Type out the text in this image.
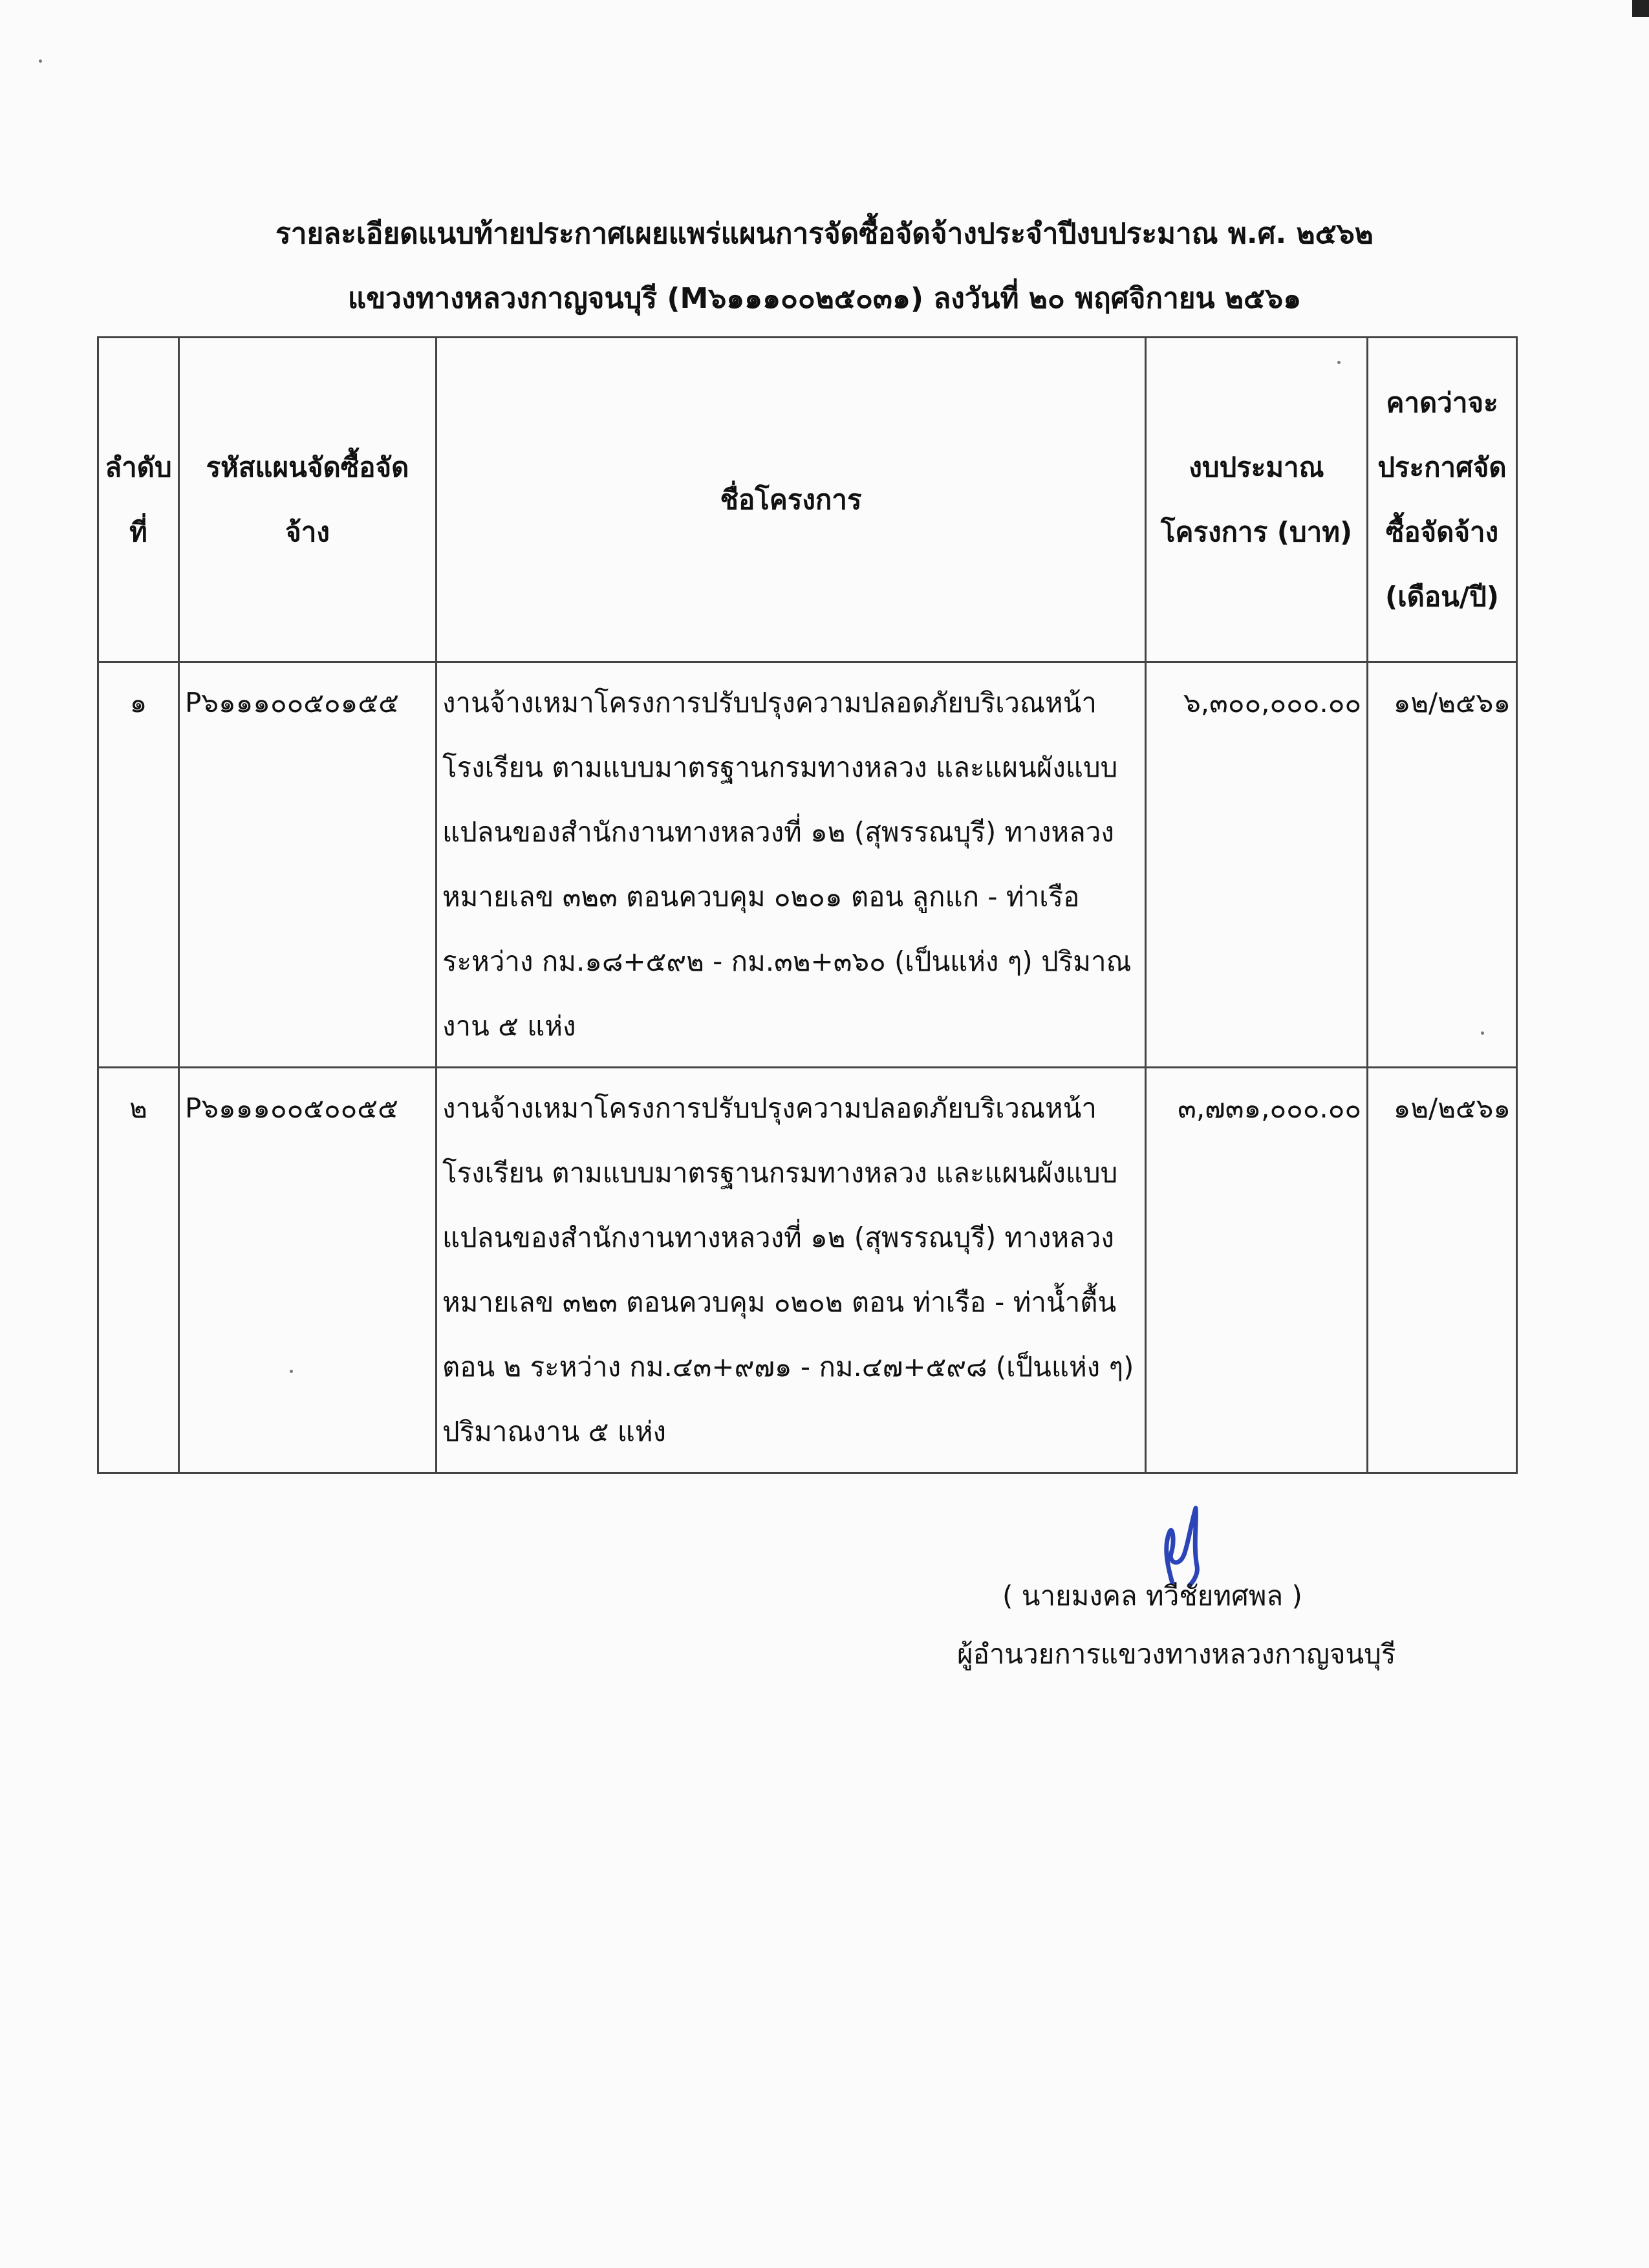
รายละเอียดแนบท้ายประกาศเผยแพร่แผนการจัดซื้อจัดจ้างประจำปีงบประมาณ พ.ศ. ๒๕๖๒
แขวงทางหลวงกาญจนบุรี (M๖๑๑๑๐๐๒๕๐๓๑) ลงวันที่ ๒๐ พฤศจิกายน ๒๕๖๑
ลำดับที่	รหัสแผนจัดซื้อจัดจ้าง	ชื่อโครงการ	งบประมาณโครงการ (บาท)	คาดว่าจะประกาศจัดซื้อจัดจ้าง (เดือน/ปี)
๑	P๖๑๑๑๐๐๕๐๑๕๕	งานจ้างเหมาโครงการปรับปรุงความปลอดภัยบริเวณหน้าโรงเรียน ตามแบบมาตรฐานกรมทางหลวง และแผนผังแบบแปลนของสำนักงานทางหลวงที่ ๑๒ (สุพรรณบุรี) ทางหลวงหมายเลข ๓๒๓ ตอนควบคุม ๐๒๐๑ ตอน ลูกแก - ท่าเรือ ระหว่าง กม.๑๘+๕๙๒ - กม.๓๒+๓๖๐ (เป็นแห่ง ๆ) ปริมาณงาน ๕ แห่ง	๖,๓๐๐,๐๐๐.๐๐	๑๒/๒๕๖๑
๒	P๖๑๑๑๐๐๕๐๐๕๕	งานจ้างเหมาโครงการปรับปรุงความปลอดภัยบริเวณหน้าโรงเรียน ตามแบบมาตรฐานกรมทางหลวง และแผนผังแบบแปลนของสำนักงานทางหลวงที่ ๑๒ (สุพรรณบุรี) ทางหลวงหมายเลข ๓๒๓ ตอนควบคุม ๐๒๐๒ ตอน ท่าเรือ - ท่าน้ำตื้น ตอน ๒ ระหว่าง กม.๔๓+๙๗๑ - กม.๔๗+๕๙๘ (เป็นแห่ง ๆ) ปริมาณงาน ๕ แห่ง	๓,๗๓๑,๐๐๐.๐๐	๑๒/๒๕๖๑
( นายมงคล ทวีชัยทศพล )
ผู้อำนวยการแขวงทางหลวงกาญจนบุรี
